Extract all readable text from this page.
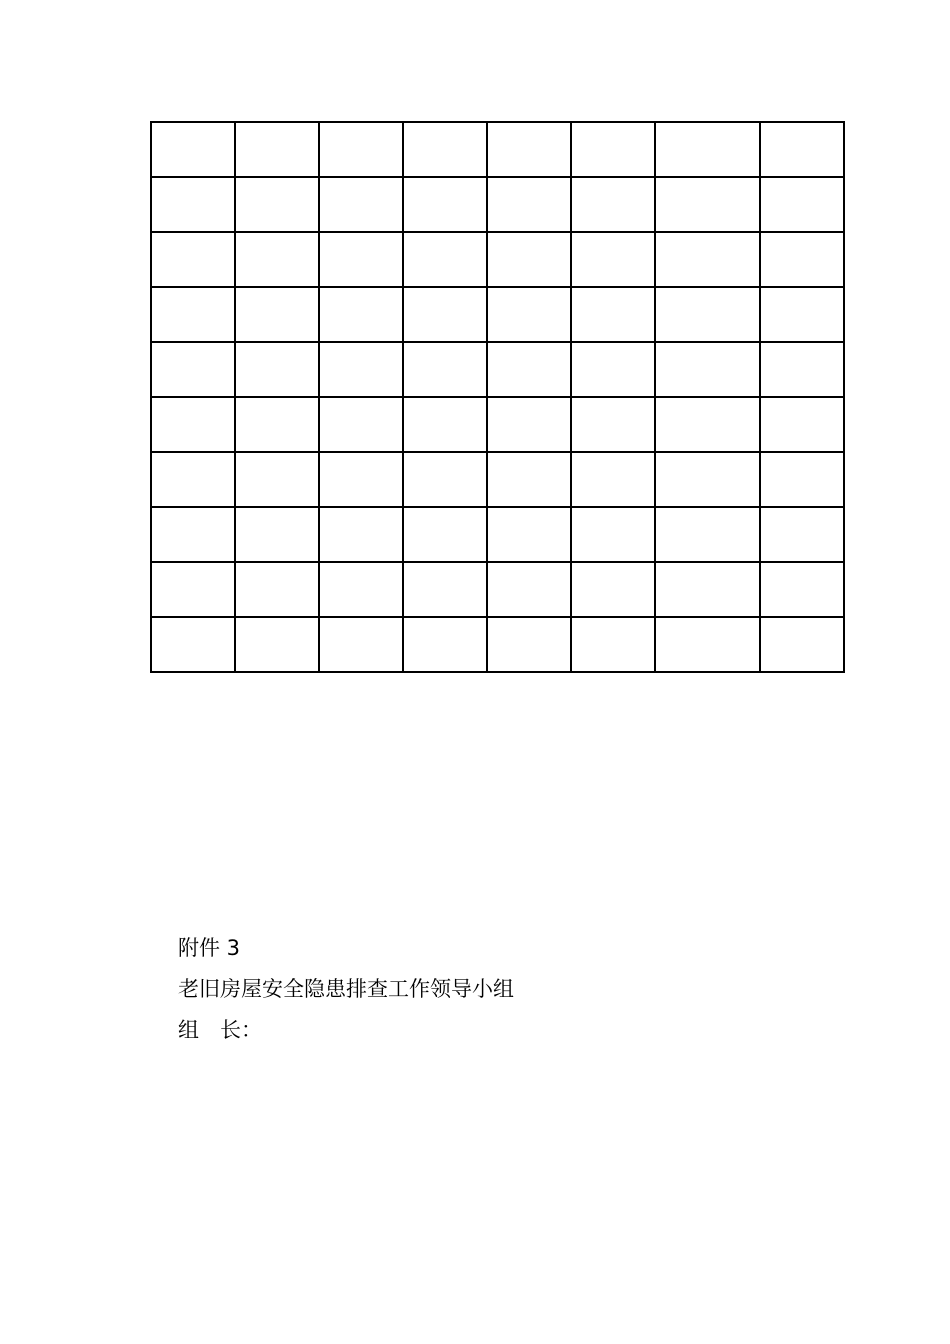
附件 3
老旧房屋安全隐患排查工作领导小组
组　长：
